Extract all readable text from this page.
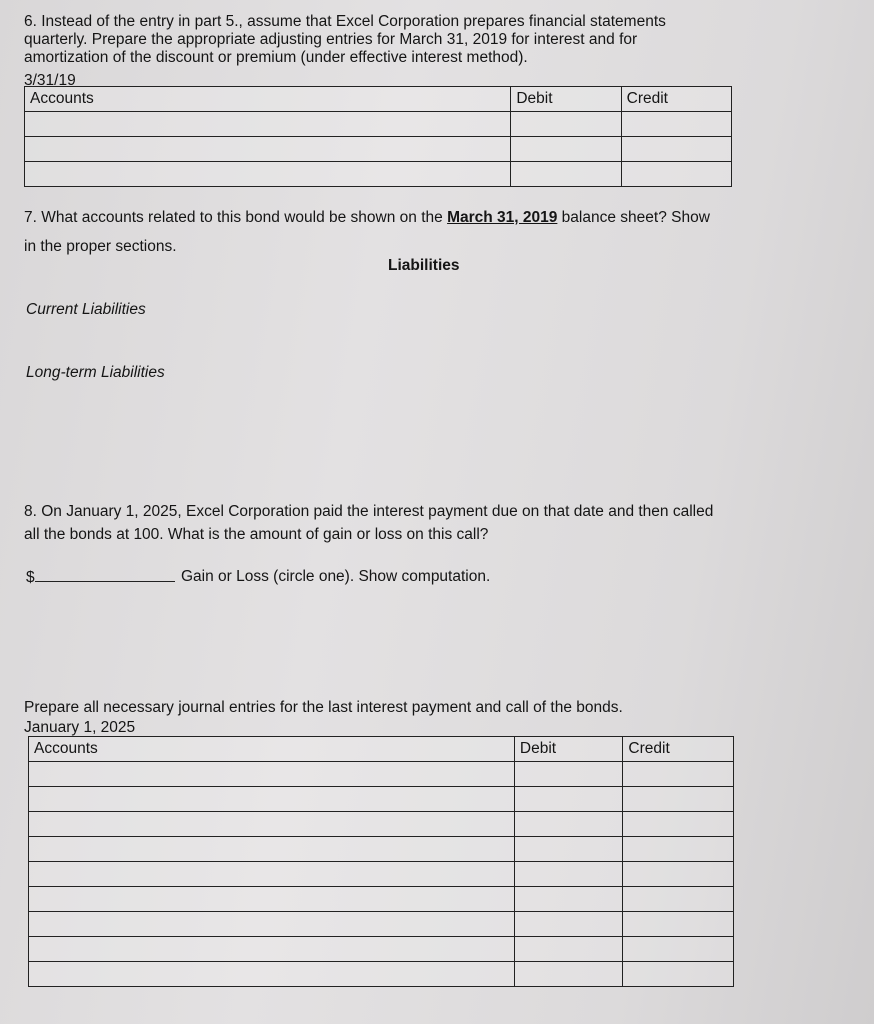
6. Instead of the entry in part 5., assume that Excel Corporation prepares financial statements
quarterly. Prepare the appropriate adjusting entries for March 31, 2019 for interest and for
amortization of the discount or premium (under effective interest method).
3/31/19
Accounts	Debit	Credit

7. What accounts related to this bond would be shown on the March 31, 2019 balance sheet? Show
in the proper sections.
Liabilities
Current Liabilities
Long-term Liabilities
8. On January 1, 2025, Excel Corporation paid the interest payment due on that date and then called
all the bonds at 100. What is the amount of gain or loss on this call?
$	Gain or Loss (circle one). Show computation.
Prepare all necessary journal entries for the last interest payment and call of the bonds.
January 1, 2025
Accounts	Debit	Credit
